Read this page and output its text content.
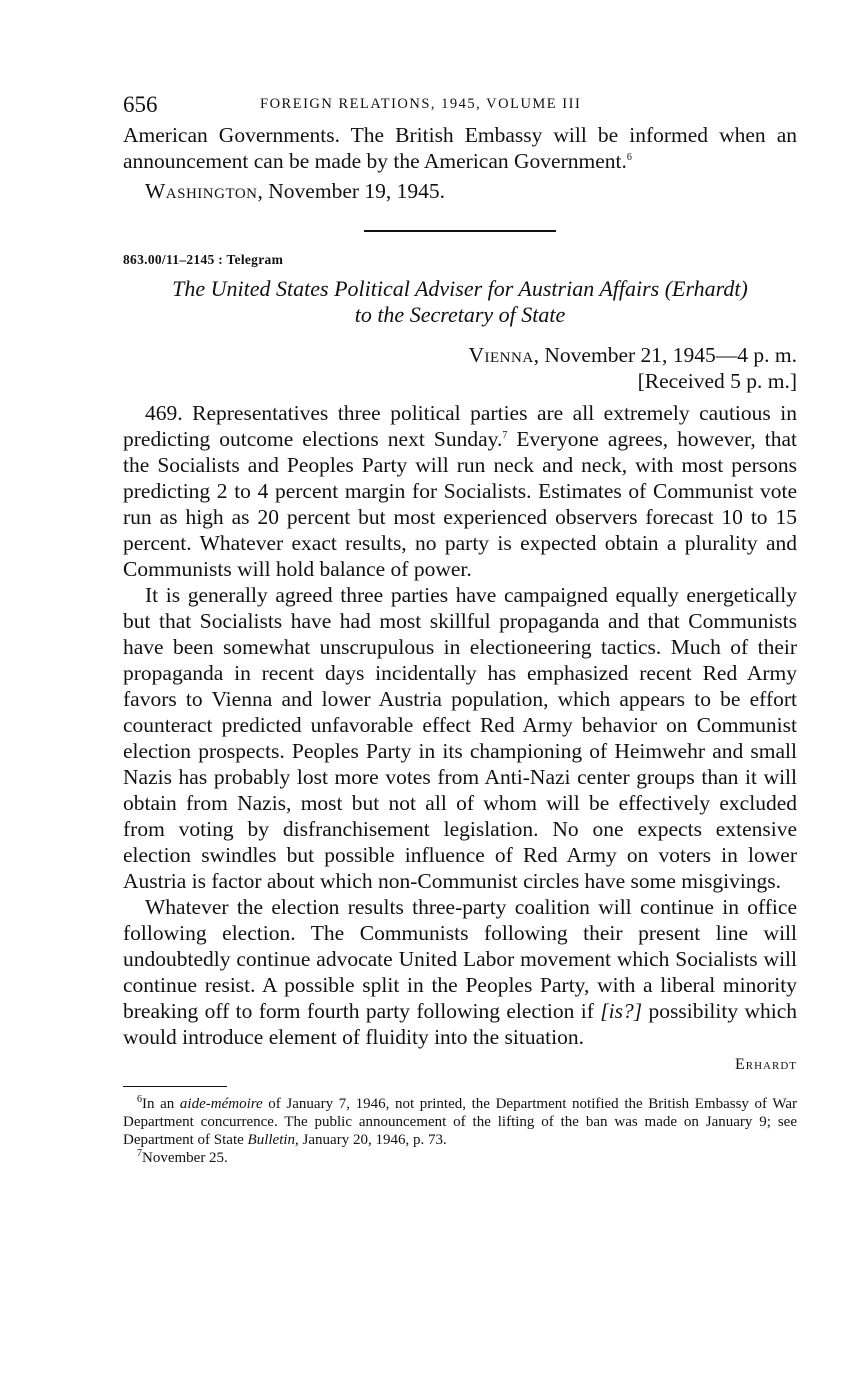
656	FOREIGN RELATIONS, 1945, VOLUME III

American Governments. The British Embassy will be informed when an announcement can be made by the American Government.$^6$

Washington, November 19, 1945.

863.00/11–2145 : Telegram
The United States Political Adviser for Austrian Affairs (Erhardt)
to the Secretary of State
Vienna, November 21, 1945—4 p. m.
[Received 5 p. m.]

469. Representatives three political parties are all extremely cautious in predicting outcome elections next Sunday.$^7$ Everyone agrees, however, that the Socialists and Peoples Party will run neck and neck, with most persons predicting 2 to 4 percent margin for Socialists. Estimates of Communist vote run as high as 20 percent but most experienced observers forecast 10 to 15 percent. Whatever exact results, no party is expected obtain a plurality and Communists will hold balance of power.

It is generally agreed three parties have campaigned equally energetically but that Socialists have had most skillful propaganda and that Communists have been somewhat unscrupulous in electioneering tactics. Much of their propaganda in recent days incidentally has emphasized recent Red Army favors to Vienna and lower Austria population, which appears to be effort counteract predicted unfavorable effect Red Army behavior on Communist election prospects. Peoples Party in its championing of Heimwehr and small Nazis has probably lost more votes from Anti-Nazi center groups than it will obtain from Nazis, most but not all of whom will be effectively excluded from voting by disfranchisement legislation. No one expects extensive election swindles but possible influence of Red Army on voters in lower Austria is factor about which non-Communist circles have some misgivings.

Whatever the election results three-party coalition will continue in office following election. The Communists following their present line will undoubtedly continue advocate United Labor movement which Socialists will continue resist. A possible split in the Peoples Party, with a liberal minority breaking off to form fourth party following election if [is?] possibility which would introduce element of fluidity into the situation.

Erhardt

$^6$In an aide-mémoire of January 7, 1946, not printed, the Department notified the British Embassy of War Department concurrence. The public announcement of the lifting of the ban was made on January 9; see Department of State Bulletin, January 20, 1946, p. 73.

$^7$November 25.
